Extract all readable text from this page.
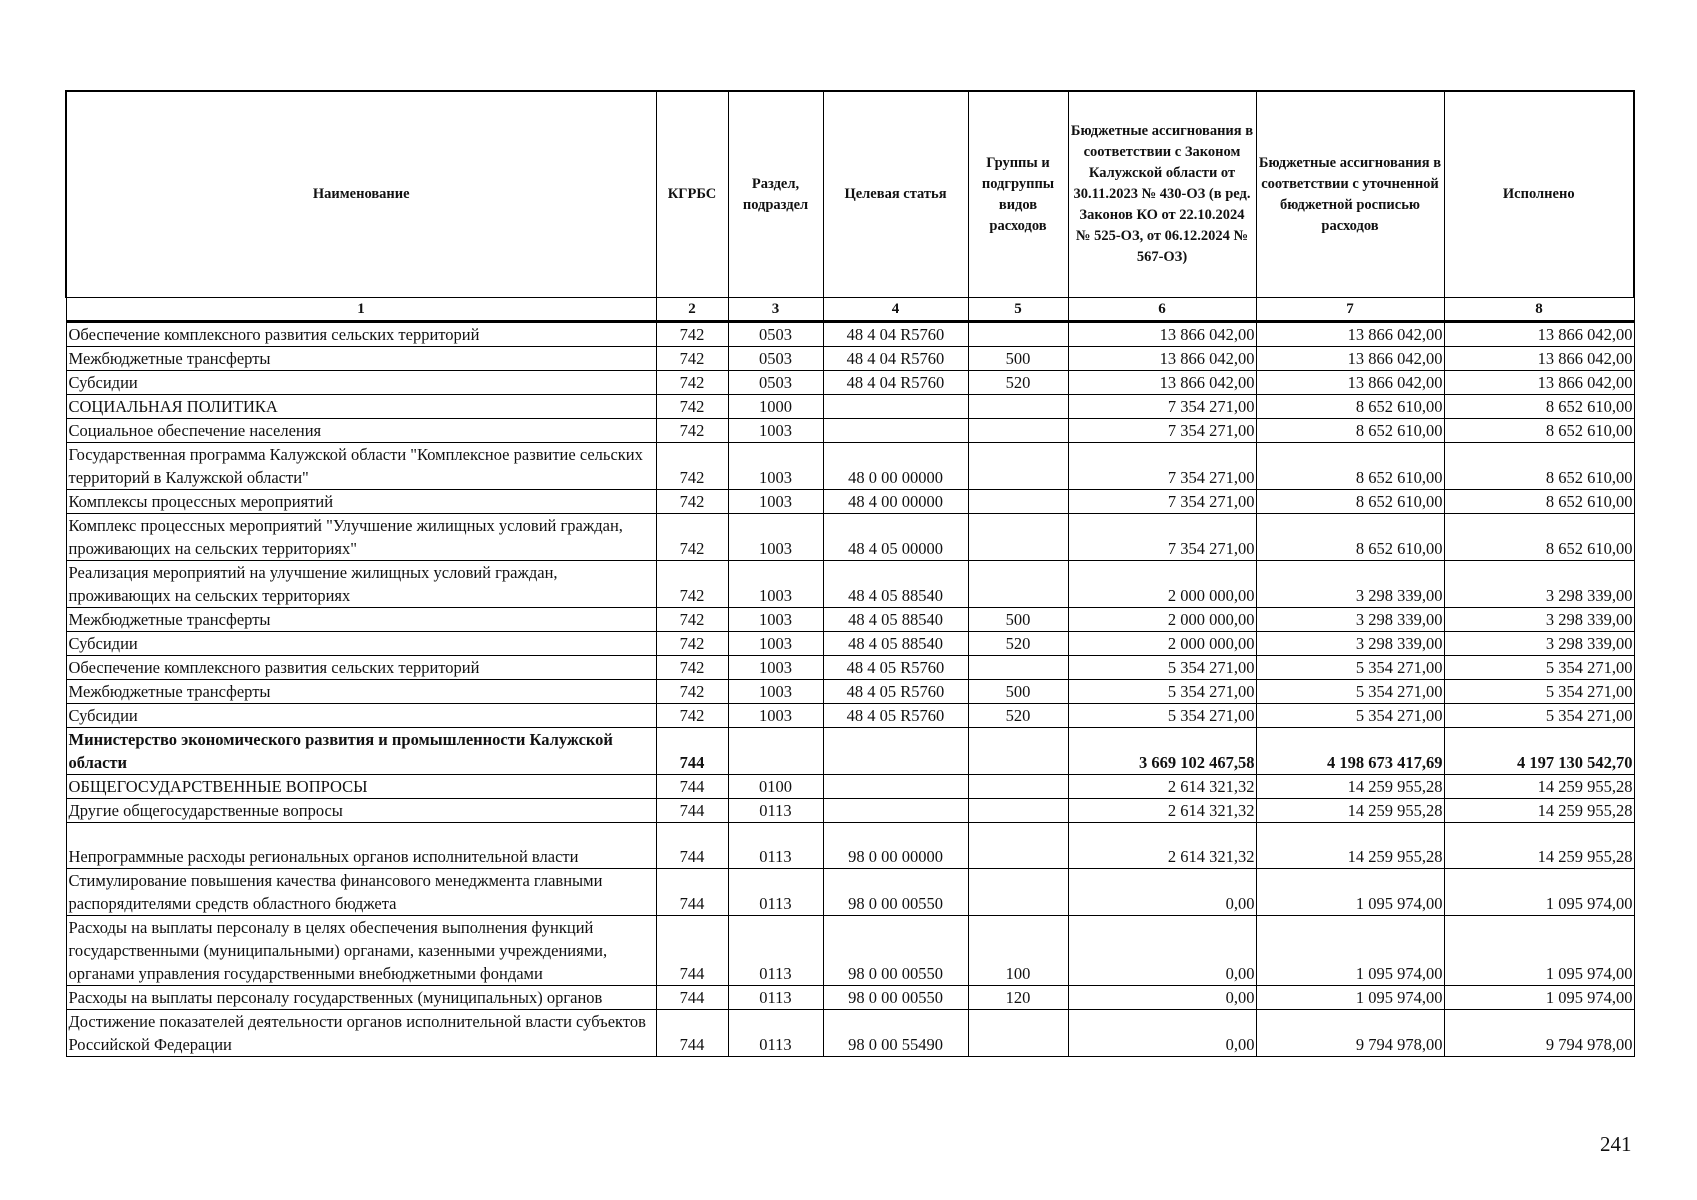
Наименование	КГРБС	Раздел, подраздел	Целевая статья	Группы и подгруппы видов расходов	Бюджетные ассигнования в соответствии с Законом Калужской области от 30.11.2023 № 430-ОЗ (в ред. Законов КО от 22.10.2024 № 525-ОЗ, от 06.12.2024 № 567-ОЗ)	Бюджетные ассигнования в соответствии с уточненной бюджетной росписью расходов	Исполнено
1	2	3	4	5	6	7	8
Обеспечение комплексного развития сельских территорий	742	0503	48 4 04 R5760		13 866 042,00	13 866 042,00	13 866 042,00
Межбюджетные трансферты	742	0503	48 4 04 R5760	500	13 866 042,00	13 866 042,00	13 866 042,00
Субсидии	742	0503	48 4 04 R5760	520	13 866 042,00	13 866 042,00	13 866 042,00
СОЦИАЛЬНАЯ ПОЛИТИКА	742	1000			7 354 271,00	8 652 610,00	8 652 610,00
Социальное обеспечение населения	742	1003			7 354 271,00	8 652 610,00	8 652 610,00
Государственная программа Калужской области "Комплексное развитие сельских территорий в Калужской области"	742	1003	48 0 00 00000		7 354 271,00	8 652 610,00	8 652 610,00
Комплексы процессных мероприятий	742	1003	48 4 00 00000		7 354 271,00	8 652 610,00	8 652 610,00
Комплекс процессных мероприятий "Улучшение жилищных условий граждан, проживающих на сельских территориях"	742	1003	48 4 05 00000		7 354 271,00	8 652 610,00	8 652 610,00
Реализация мероприятий на улучшение жилищных условий граждан, проживающих на сельских территориях	742	1003	48 4 05 88540		2 000 000,00	3 298 339,00	3 298 339,00
Межбюджетные трансферты	742	1003	48 4 05 88540	500	2 000 000,00	3 298 339,00	3 298 339,00
Субсидии	742	1003	48 4 05 88540	520	2 000 000,00	3 298 339,00	3 298 339,00
Обеспечение комплексного развития сельских территорий	742	1003	48 4 05 R5760		5 354 271,00	5 354 271,00	5 354 271,00
Межбюджетные трансферты	742	1003	48 4 05 R5760	500	5 354 271,00	5 354 271,00	5 354 271,00
Субсидии	742	1003	48 4 05 R5760	520	5 354 271,00	5 354 271,00	5 354 271,00
Министерство экономического развития и промышленности Калужской области	744				3 669 102 467,58	4 198 673 417,69	4 197 130 542,70
ОБЩЕГОСУДАРСТВЕННЫЕ ВОПРОСЫ	744	0100			2 614 321,32	14 259 955,28	14 259 955,28
Другие общегосударственные вопросы	744	0113			2 614 321,32	14 259 955,28	14 259 955,28
Непрограммные расходы региональных органов исполнительной власти	744	0113	98 0 00 00000		2 614 321,32	14 259 955,28	14 259 955,28
Стимулирование повышения качества финансового менеджмента главными распорядителями средств областного бюджета	744	0113	98 0 00 00550		0,00	1 095 974,00	1 095 974,00
Расходы на выплаты персоналу в целях обеспечения выполнения функций государственными (муниципальными) органами, казенными учреждениями, органами управления государственными внебюджетными фондами	744	0113	98 0 00 00550	100	0,00	1 095 974,00	1 095 974,00
Расходы на выплаты персоналу государственных (муниципальных) органов	744	0113	98 0 00 00550	120	0,00	1 095 974,00	1 095 974,00
Достижение показателей деятельности органов исполнительной власти субъектов Российской Федерации	744	0113	98 0 00 55490		0,00	9 794 978,00	9 794 978,00
241
